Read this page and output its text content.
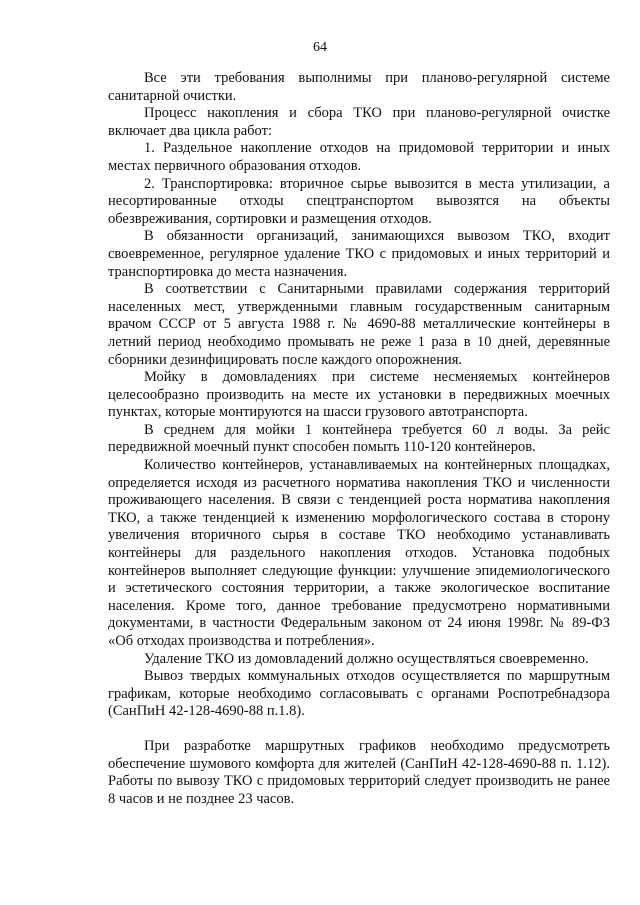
64

Все эти требования выполнимы при планово-регулярной системе санитарной очистки.

Процесс накопления и сбора ТКО при планово-регулярной очистке включает два цикла работ:

1. Раздельное накопление отходов на придомовой территории и иных местах первичного образования отходов.

2. Транспортировка: вторичное сырье вывозится в места утилизации, а несортированные отходы спецтранспортом вывозятся на объекты обезвреживания, сортировки и размещения отходов.

В обязанности организаций, занимающихся вывозом ТКО, входит своевременное, регулярное удаление ТКО с придомовых и иных территорий и транспортировка до места назначения.

В соответствии с Санитарными правилами содержания территорий населенных мест, утвержденными главным государственным санитарным врачом СССР от 5 августа 1988 г. № 4690-88 металлические контейнеры в летний период необходимо промывать не реже 1 раза в 10 дней, деревянные сборники дезинфицировать после каждого опорожнения.

Мойку в домовладениях при системе несменяемых контейнеров целесообразно производить на месте их установки в передвижных моечных пунктах, которые монтируются на шасси грузового автотранспорта.

В среднем для мойки 1 контейнера требуется 60 л воды. За рейс передвижной моечный пункт способен помыть 110-120 контейнеров.

Количество контейнеров, устанавливаемых на контейнерных площадках, определяется исходя из расчетного норматива накопления ТКО и численности проживающего населения. В связи с тенденцией роста норматива накопления ТКО, а также тенденцией к изменению морфологического состава в сторону увеличения вторичного сырья в составе ТКО необходимо устанавливать контейнеры для раздельного накопления отходов. Установка подобных контейнеров выполняет следующие функции: улучшение эпидемиологического и эстетического состояния территории, а также экологическое воспитание населения. Кроме того, данное требование предусмотрено нормативными документами, в частности Федеральным законом от 24 июня 1998г. № 89-ФЗ «Об отходах производства и потребления».

Удаление ТКО из домовладений должно осуществляться своевременно.

Вывоз твердых коммунальных отходов осуществляется по маршрутным графикам, которые необходимо согласовывать с органами Роспотребнадзора (СанПиН 42-128-4690-88 п.1.8).

При разработке маршрутных графиков необходимо предусмотреть обеспечение шумового комфорта для жителей (СанПиН 42-128-4690-88 п. 1.12). Работы по вывозу ТКО с придомовых территорий следует производить не ранее 8 часов и не позднее 23 часов.
